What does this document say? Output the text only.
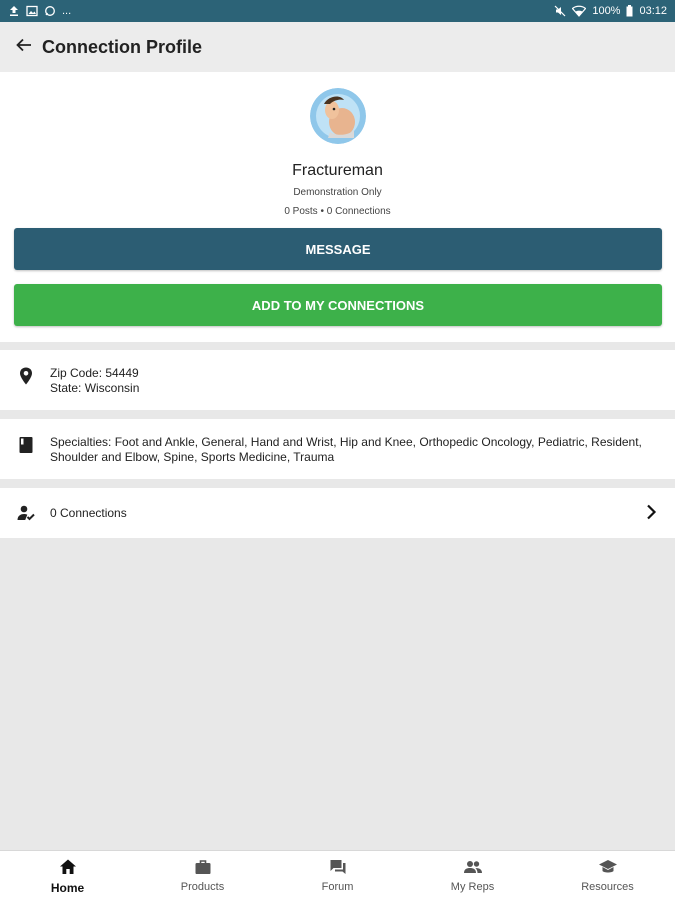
...	100% 03:12
Connection Profile
Fractureman
Demonstration Only
0 Posts • 0 Connections
MESSAGE
ADD TO MY CONNECTIONS
Zip Code: 54449
State: Wisconsin
Specialties: Foot and Ankle, General, Hand and Wrist, Hip and Knee, Orthopedic Oncology, Pediatric, Resident, Shoulder and Elbow, Spine, Sports Medicine, Trauma
0 Connections
Home	Products	Forum	My Reps	Resources
